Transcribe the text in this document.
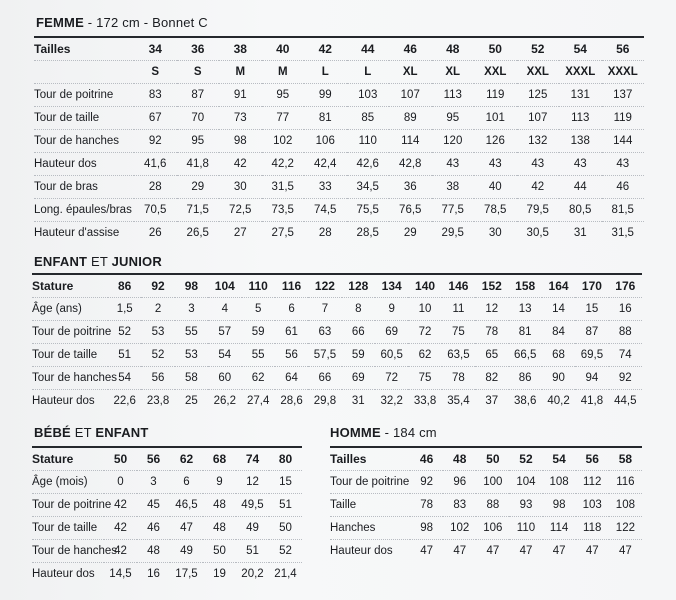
FEMME - 172 cm - Bonnet C
Tailles	34	36	38	40	42	44	46	48	50	52	54	56
	S	S	M	M	L	L	XL	XL	XXL	XXL	XXXL	XXXL
Tour de poitrine	83	87	91	95	99	103	107	113	119	125	131	137
Tour de taille	67	70	73	77	81	85	89	95	101	107	113	119
Tour de hanches	92	95	98	102	106	110	114	120	126	132	138	144
Hauteur dos	41,6	41,8	42	42,2	42,4	42,6	42,8	43	43	43	43	43
Tour de bras	28	29	30	31,5	33	34,5	36	38	40	42	44	46
Long. épaules/bras	70,5	71,5	72,5	73,5	74,5	75,5	76,5	77,5	78,5	79,5	80,5	81,5
Hauteur d'assise	26	26,5	27	27,5	28	28,5	29	29,5	30	30,5	31	31,5
ENFANT ET JUNIOR
Stature	86	92	98	104	110	116	122	128	134	140	146	152	158	164	170	176
Âge (ans)	1,5	2	3	4	5	6	7	8	9	10	11	12	13	14	15	16
Tour de poitrine	52	53	55	57	59	61	63	66	69	72	75	78	81	84	87	88
Tour de taille	51	52	53	54	55	56	57,5	59	60,5	62	63,5	65	66,5	68	69,5	74
Tour de hanches	54	56	58	60	62	64	66	69	72	75	78	82	86	90	94	92
Hauteur dos	22,6	23,8	25	26,2	27,4	28,6	29,8	31	32,2	33,8	35,4	37	38,6	40,2	41,8	44,5
BÉBÉ ET ENFANT
Stature	50	56	62	68	74	80
Âge (mois)	0	3	6	9	12	15
Tour de poitrine	42	45	46,5	48	49,5	51
Tour de taille	42	46	47	48	49	50
Tour de hanches	42	48	49	50	51	52
Hauteur dos	14,5	16	17,5	19	20,2	21,4
HOMME - 184 cm
Tailles	46	48	50	52	54	56	58
Tour de poitrine	92	96	100	104	108	112	116
Taille	78	83	88	93	98	103	108
Hanches	98	102	106	110	114	118	122
Hauteur dos	47	47	47	47	47	47	47
